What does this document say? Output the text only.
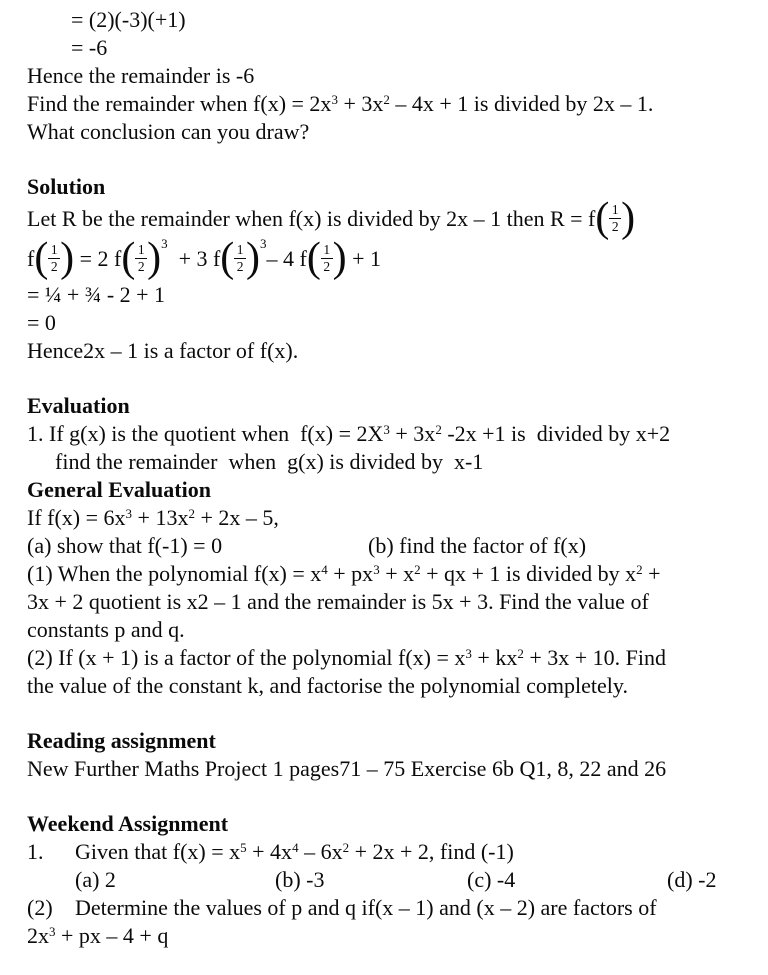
= (2)(-3)(+1)
= -6
Hence the remainder is -6
Find the remainder when $f(x) = 2x^3 + 3x^2 - 4x + 1$ is divided by 2x – 1.
What conclusion can you draw?
Solution
Let R be the remainder when f(x) is divided by 2x – 1 then R = f ( $\frac{1}{2}$ )
f ( $\frac{1}{2}$ ) = 2 f ( $\frac{1}{2}$ ) $^3$  + 3 f ( $\frac{1}{2}$ ) $^3$– 4 f ( $\frac{1}{2}$ ) + 1
= ¼ + ¾ - 2 + 1
= 0
Hence2x – 1 is a factor of f(x).
Evaluation
1. If g(x) is the quotient when  $f(x) = 2X^3 + 3x^2$ -2x +1 is  divided by x+2
find the remainder  when  g(x) is divided by  x-1
General Evaluation
If $f(x) = 6x^3 + 13x^2 + 2x - 5$,
(a) show that f(-1) = 0	(b) find the factor of f(x)
(1) When the polynomial $f(x) = x^4 + px^3 + x^2$ + qx + 1 is divided by $x^2$ +
3x + 2 quotient is x2 – 1 and the remainder is 5x + 3. Find the value of
constants p and q.
(2) If (x + 1) is a factor of the polynomial $f(x) = x^3 + kx^2 + 3x + 10$. Find
the value of the constant k, and factorise the polynomial completely.
Reading assignment
New Further Maths Project 1 pages71 – 75 Exercise 6b Q1, 8, 22 and 26
Weekend Assignment
1. Given that $f(x) = x^5 + 4x^4 - 6x^2 + 2x + 2$, find (-1)
(a) 2	(b) -3	(c) -4	(d) -2
(2) Determine the values of p and q if(x – 1) and (x – 2) are factors of
$2x^3$ + px – 4 + q
